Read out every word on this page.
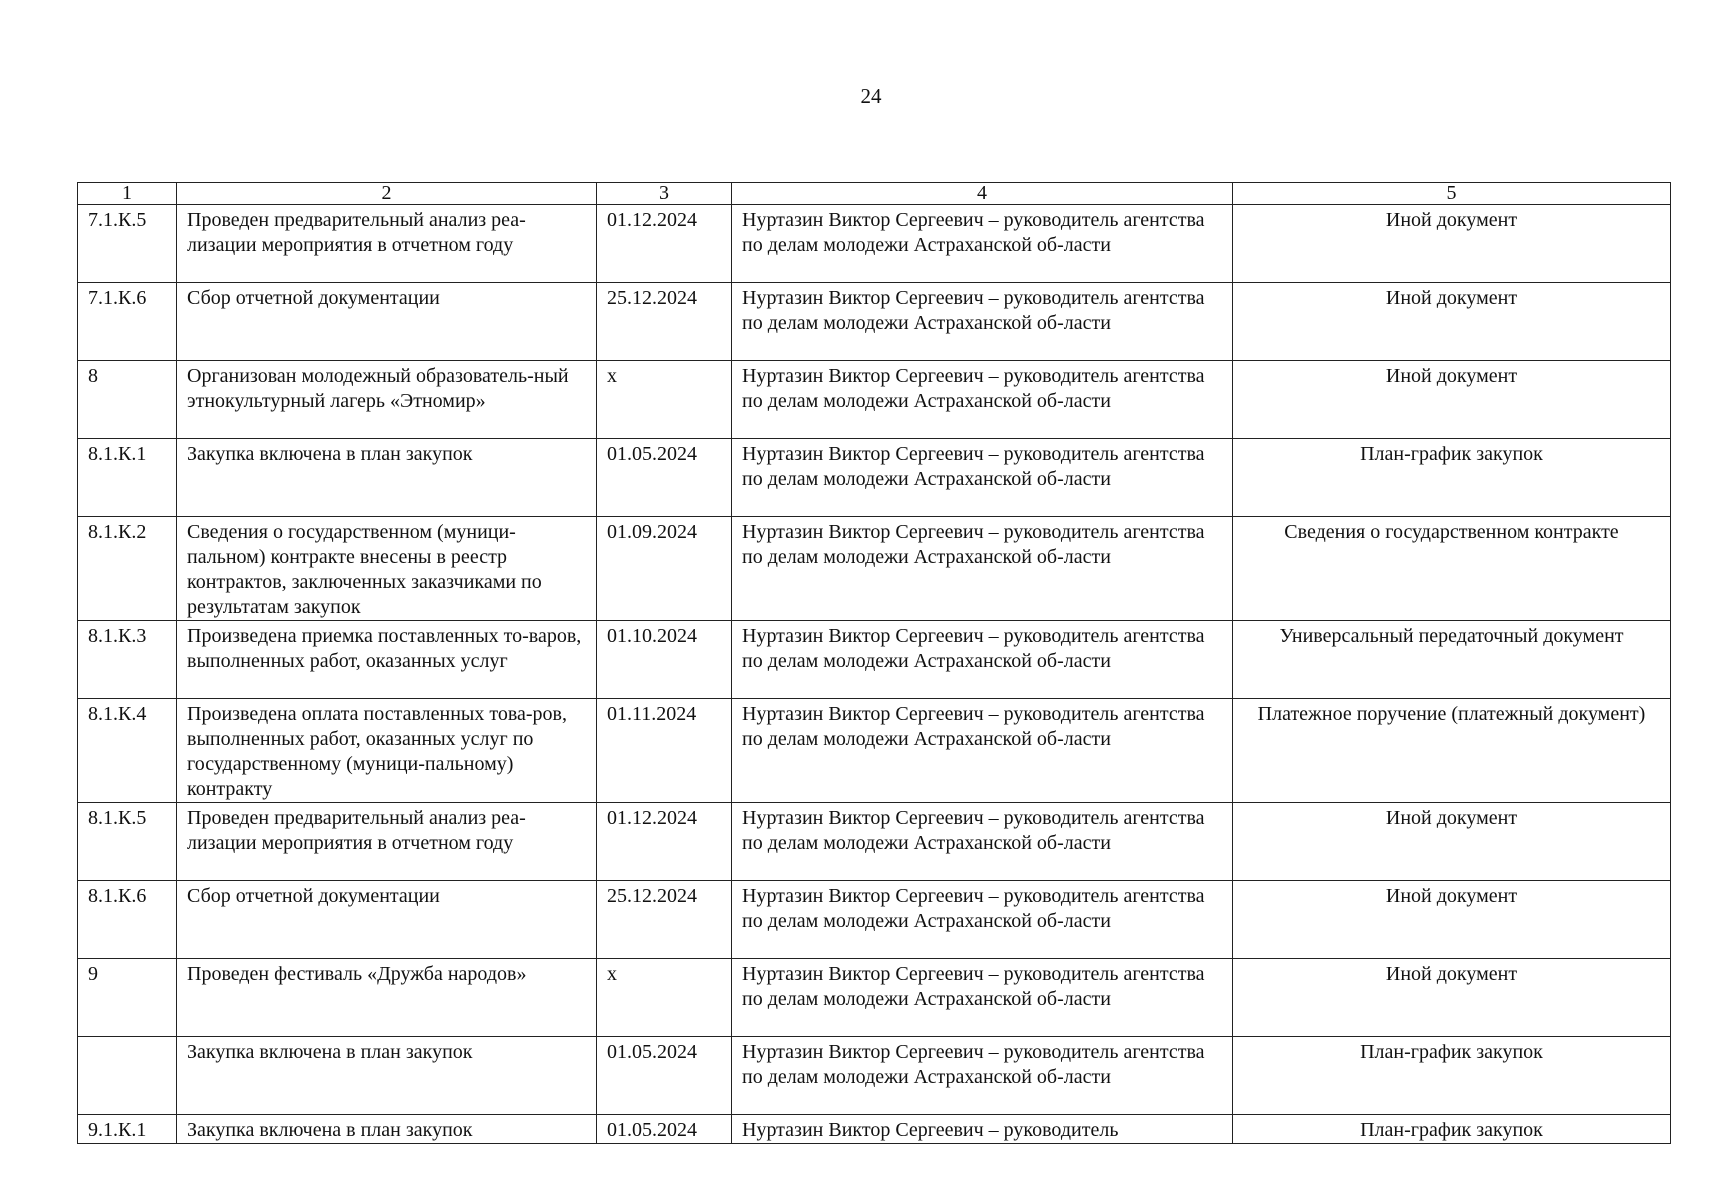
24
1	2	3	4	5
7.1.К.5	Проведен предварительный анализ реа-лизации мероприятия в отчетном году	01.12.2024	Нуртазин Виктор Сергеевич – руководитель агентства по делам молодежи Астраханской об-ласти	Иной документ
7.1.К.6	Сбор отчетной документации	25.12.2024	Нуртазин Виктор Сергеевич – руководитель агентства по делам молодежи Астраханской об-ласти	Иной документ
8	Организован молодежный образователь-ный этнокультурный лагерь «Этномир»	х	Нуртазин Виктор Сергеевич – руководитель агентства по делам молодежи Астраханской об-ласти	Иной документ
8.1.К.1	Закупка включена в план закупок	01.05.2024	Нуртазин Виктор Сергеевич – руководитель агентства по делам молодежи Астраханской об-ласти	План-график закупок
8.1.К.2	Сведения о государственном (муници-пальном) контракте внесены в реестр контрактов, заключенных заказчиками по результатам закупок	01.09.2024	Нуртазин Виктор Сергеевич – руководитель агентства по делам молодежи Астраханской об-ласти	Сведения о государственном контракте
8.1.К.3	Произведена приемка поставленных то-варов, выполненных работ, оказанных услуг	01.10.2024	Нуртазин Виктор Сергеевич – руководитель агентства по делам молодежи Астраханской об-ласти	Универсальный передаточный документ
8.1.К.4	Произведена оплата поставленных това-ров, выполненных работ, оказанных услуг по государственному (муници-пальному) контракту	01.11.2024	Нуртазин Виктор Сергеевич – руководитель агентства по делам молодежи Астраханской об-ласти	Платежное поручение (платежный документ)
8.1.К.5	Проведен предварительный анализ реа-лизации мероприятия в отчетном году	01.12.2024	Нуртазин Виктор Сергеевич – руководитель агентства по делам молодежи Астраханской об-ласти	Иной документ
8.1.К.6	Сбор отчетной документации	25.12.2024	Нуртазин Виктор Сергеевич – руководитель агентства по делам молодежи Астраханской об-ласти	Иной документ
9	Проведен фестиваль «Дружба народов»	х	Нуртазин Виктор Сергеевич – руководитель агентства по делам молодежи Астраханской об-ласти	Иной документ
	Закупка включена в план закупок	01.05.2024	Нуртазин Виктор Сергеевич – руководитель агентства по делам молодежи Астраханской об-ласти	План-график закупок
9.1.К.1	Закупка включена в план закупок	01.05.2024	Нуртазин Виктор Сергеевич – руководитель	План-график закупок
